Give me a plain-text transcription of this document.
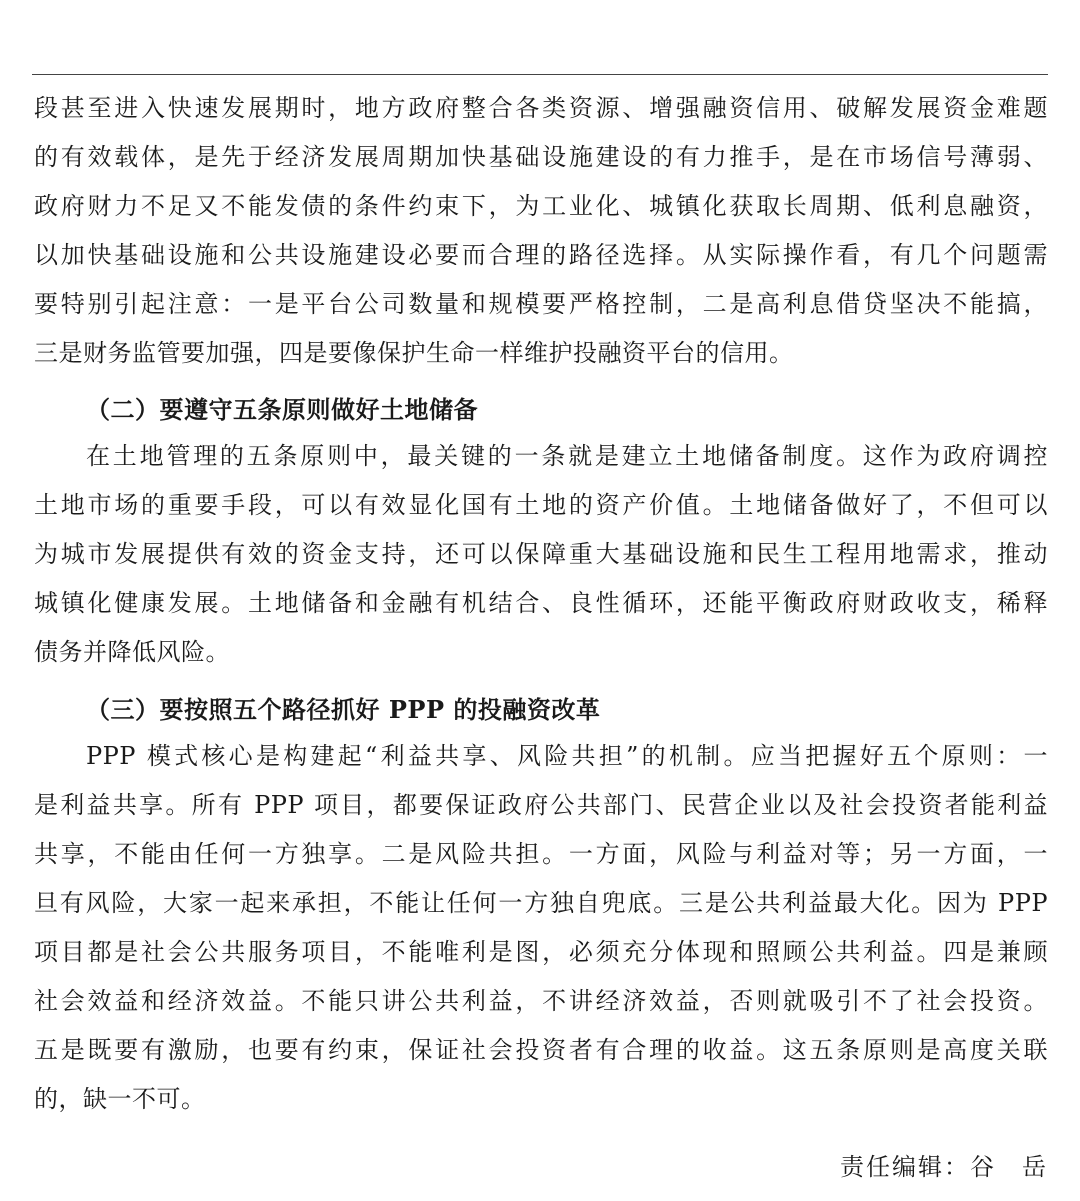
段甚至进入快速发展期时，地方政府整合各类资源、增强融资信用、破解发展资金难题
的有效载体，是先于经济发展周期加快基础设施建设的有力推手，是在市场信号薄弱、
政府财力不足又不能发债的条件约束下，为工业化、城镇化获取长周期、低利息融资，
以加快基础设施和公共设施建设必要而合理的路径选择。从实际操作看，有几个问题需
要特别引起注意：一是平台公司数量和规模要严格控制，二是高利息借贷坚决不能搞，
三是财务监管要加强，四是要像保护生命一样维护投融资平台的信用。
（二）要遵守五条原则做好土地储备
在土地管理的五条原则中，最关键的一条就是建立土地储备制度。这作为政府调控
土地市场的重要手段，可以有效显化国有土地的资产价值。土地储备做好了，不但可以
为城市发展提供有效的资金支持，还可以保障重大基础设施和民生工程用地需求，推动
城镇化健康发展。土地储备和金融有机结合、良性循环，还能平衡政府财政收支，稀释
债务并降低风险。
（三）要按照五个路径抓好 PPP 的投融资改革
PPP 模式核心是构建起“利益共享、风险共担”的机制。应当把握好五个原则：一
是利益共享。所有 PPP 项目，都要保证政府公共部门、民营企业以及社会投资者能利益
共享，不能由任何一方独享。二是风险共担。一方面，风险与利益对等；另一方面，一
旦有风险，大家一起来承担，不能让任何一方独自兜底。三是公共利益最大化。因为 PPP
项目都是社会公共服务项目，不能唯利是图，必须充分体现和照顾公共利益。四是兼顾
社会效益和经济效益。不能只讲公共利益，不讲经济效益，否则就吸引不了社会投资。
五是既要有激励，也要有约束，保证社会投资者有合理的收益。这五条原则是高度关联
的，缺一不可。
责任编辑：谷　岳
